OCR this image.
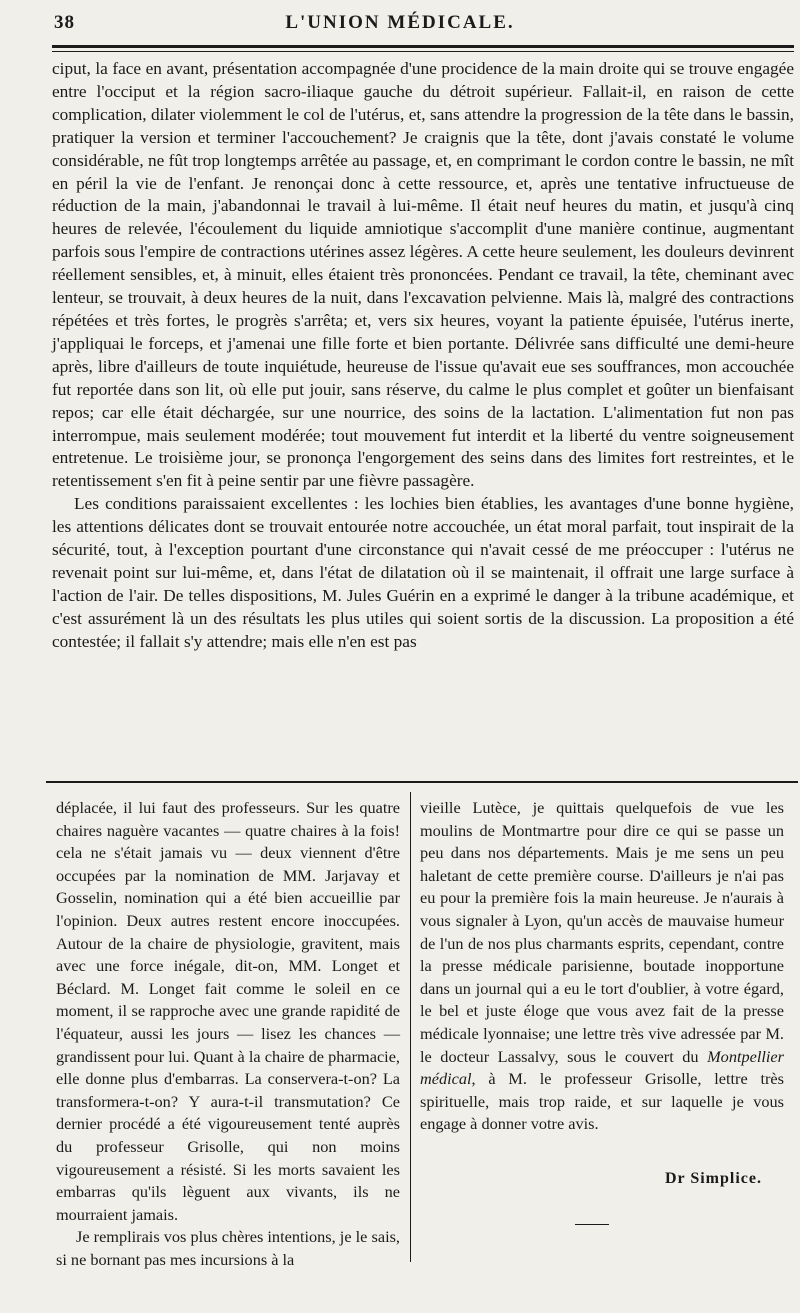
38	L'UNION MÉDICALE.

ciput, la face en avant, présentation accompagnée d'une procidence de la main droite qui se trouve engagée entre l'occiput et la région sacro-iliaque gauche du détroit supérieur. Fallait-il, en raison de cette complication, dilater violemment le col de l'utérus, et, sans attendre la progression de la tête dans le bassin, pratiquer la version et terminer l'accouchement? Je craignis que la tête, dont j'avais constaté le volume considérable, ne fût trop longtemps arrêtée au passage, et, en comprimant le cordon contre le bassin, ne mît en péril la vie de l'enfant. Je renonçai donc à cette ressource, et, après une tentative infructueuse de réduction de la main, j'abandonnai le travail à lui-même. Il était neuf heures du matin, et jusqu'à cinq heures de relevée, l'écoulement du liquide amniotique s'accomplit d'une manière continue, augmentant parfois sous l'empire de contractions utérines assez légères. A cette heure seulement, les douleurs devinrent réellement sensibles, et, à minuit, elles étaient très prononcées. Pendant ce travail, la tête, cheminant avec lenteur, se trouvait, à deux heures de la nuit, dans l'excavation pelvienne. Mais là, malgré des contractions répétées et très fortes, le progrès s'arrêta; et, vers six heures, voyant la patiente épuisée, l'utérus inerte, j'appliquai le forceps, et j'amenai une fille forte et bien portante. Délivrée sans difficulté une demi-heure après, libre d'ailleurs de toute inquiétude, heureuse de l'issue qu'avait eue ses souffrances, mon accouchée fut reportée dans son lit, où elle put jouir, sans réserve, du calme le plus complet et goûter un bienfaisant repos; car elle était déchargée, sur une nourrice, des soins de la lactation. L'alimentation fut non pas interrompue, mais seulement modérée; tout mouvement fut interdit et la liberté du ventre soigneusement entretenue. Le troisième jour, se prononça l'engorgement des seins dans des limites fort restreintes, et le retentissement s'en fit à peine sentir par une fièvre passagère.

Les conditions paraissaient excellentes : les lochies bien établies, les avantages d'une bonne hygiène, les attentions délicates dont se trouvait entourée notre accouchée, un état moral parfait, tout inspirait de la sécurité, tout, à l'exception pourtant d'une circonstance qui n'avait cessé de me préoccuper : l'utérus ne revenait point sur lui-même, et, dans l'état de dilatation où il se maintenait, il offrait une large surface à l'action de l'air. De telles dispositions, M. Jules Guérin en a exprimé le danger à la tribune académique, et c'est assurément là un des résultats les plus utiles qui soient sortis de la discussion. La proposition a été contestée; il fallait s'y attendre; mais elle n'en est pas

déplacée, il lui faut des professeurs. Sur les quatre chaires naguère vacantes — quatre chaires à la fois! cela ne s'était jamais vu — deux viennent d'être occupées par la nomination de MM. Jarjavay et Gosselin, nomination qui a été bien accueillie par l'opinion. Deux autres restent encore inoccupées. Autour de la chaire de physiologie, gravitent, mais avec une force inégale, dit-on, MM. Longet et Béclard. M. Longet fait comme le soleil en ce moment, il se rapproche avec une grande rapidité de l'équateur, aussi les jours — lisez les chances — grandissent pour lui. Quant à la chaire de pharmacie, elle donne plus d'embarras. La conservera-t-on? La transformera-t-on? Y aura-t-il transmutation? Ce dernier procédé a été vigoureusement tenté auprès du professeur Grisolle, qui non moins vigoureusement a résisté. Si les morts savaient les embarras qu'ils lèguent aux vivants, ils ne mourraient jamais.

Je remplirais vos plus chères intentions, je le sais, si ne bornant pas mes incursions à la

vieille Lutèce, je quittais quelquefois de vue les moulins de Montmartre pour dire ce qui se passe un peu dans nos départements. Mais je me sens un peu haletant de cette première course. D'ailleurs je n'ai pas eu pour la première fois la main heureuse. Je n'aurais à vous signaler à Lyon, qu'un accès de mauvaise humeur de l'un de nos plus charmants esprits, cependant, contre la presse médicale parisienne, boutade inopportune dans un journal qui a eu le tort d'oublier, à votre égard, le bel et juste éloge que vous avez fait de la presse médicale lyonnaise; une lettre très vive adressée par M. le docteur Lassalvy, sous le couvert du Montpellier médical, à M. le professeur Grisolle, lettre très spirituelle, mais trop raide, et sur laquelle je vous engage à donner votre avis.

Dr Simplice.
